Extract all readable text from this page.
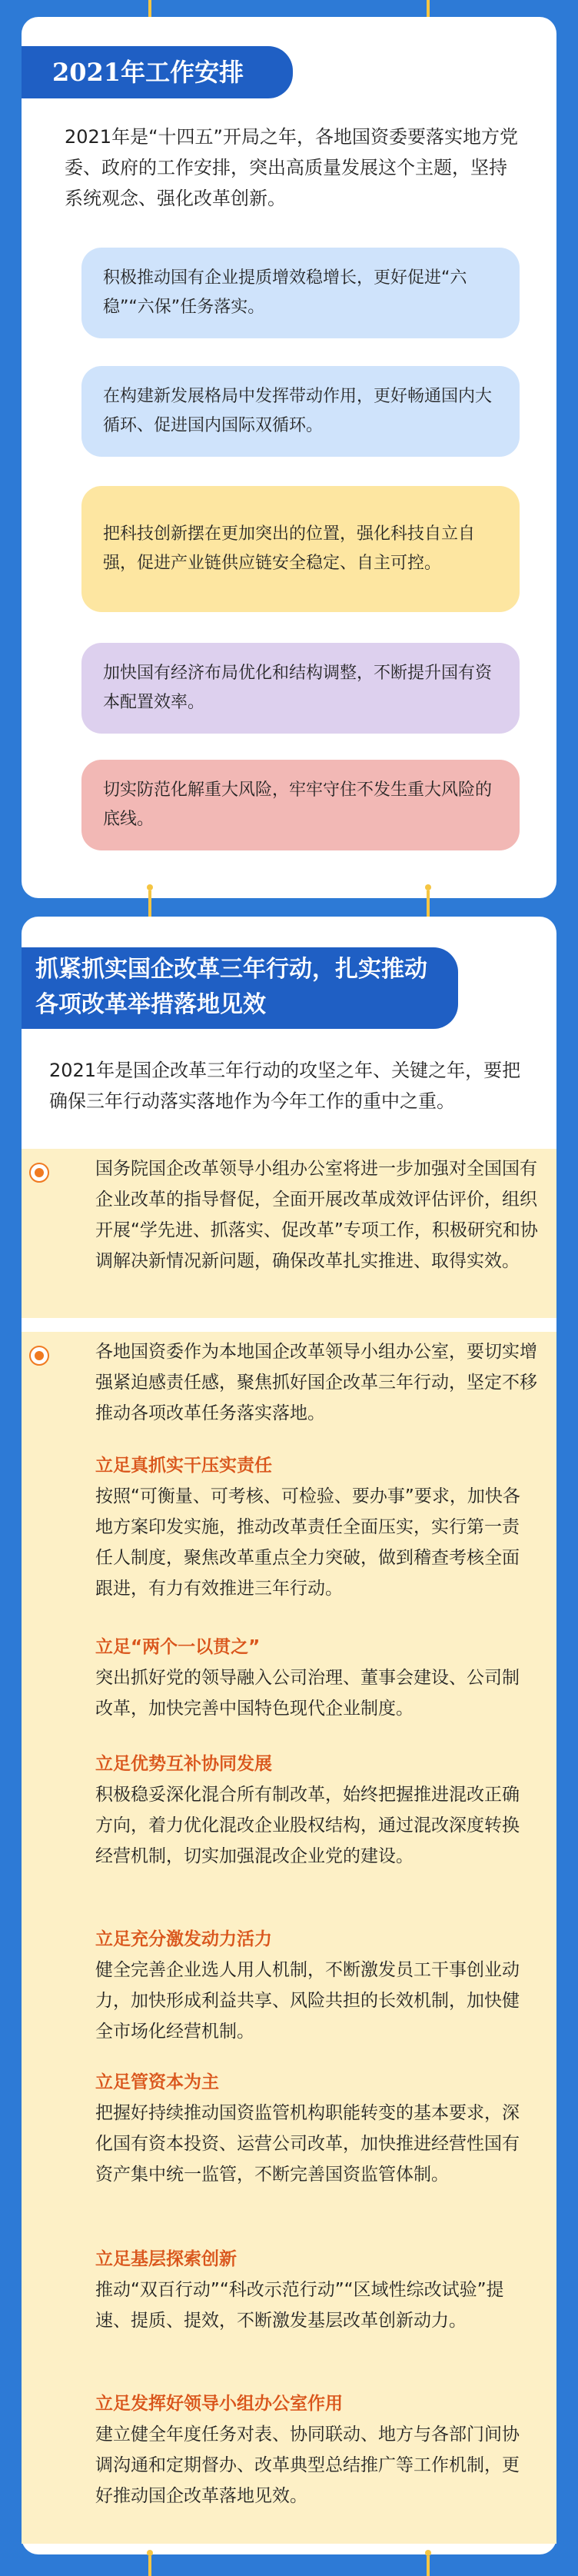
2021年工作安排
2021年是“十四五”开局之年，各地国资委要落实地方党委、政府的工作安排，突出高质量发展这个主题，坚持系统观念、强化改革创新。

积极推动国有企业提质增效稳增长，更好促进“六稳”“六保”任务落实。

在构建新发展格局中发挥带动作用，更好畅通国内大循环、促进国内国际双循环。

把科技创新摆在更加突出的位置，强化科技自立自强，促进产业链供应链安全稳定、自主可控。

加快国有经济布局优化和结构调整，不断提升国有资本配置效率。

切实防范化解重大风险，牢牢守住不发生重大风险的底线。

抓紧抓实国企改革三年行动，扎实推动
各项改革举措落地见效
2021年是国企改革三年行动的攻坚之年、关键之年，要把确保三年行动落实落地作为今年工作的重中之重。
国务院国企改革领导小组办公室将进一步加强对全国国有企业改革的指导督促，全面开展改革成效评估评价，组织开展“学先进、抓落实、促改革”专项工作，积极研究和协调解决新情况新问题，确保改革扎实推进、取得实效。
各地国资委作为本地国企改革领导小组办公室，要切实增强紧迫感责任感，聚焦抓好国企改革三年行动，坚定不移推动各项改革任务落实落地。
立足真抓实干压实责任
按照“可衡量、可考核、可检验、要办事”要求，加快各地方案印发实施，推动改革责任全面压实，实行第一责任人制度，聚焦改革重点全力突破，做到稽查考核全面跟进，有力有效推进三年行动。
立足“两个一以贯之”
突出抓好党的领导融入公司治理、董事会建设、公司制改革，加快完善中国特色现代企业制度。
立足优势互补协同发展
积极稳妥深化混合所有制改革，始终把握推进混改正确方向，着力优化混改企业股权结构，通过混改深度转换经营机制，切实加强混改企业党的建设。
立足充分激发动力活力
健全完善企业选人用人机制，不断激发员工干事创业动力，加快形成利益共享、风险共担的长效机制，加快健全市场化经营机制。
立足管资本为主
把握好持续推动国资监管机构职能转变的基本要求，深化国有资本投资、运营公司改革，加快推进经营性国有资产集中统一监管，不断完善国资监管体制。
立足基层探索创新
推动“双百行动”“科改示范行动”“区域性综改试验”提速、提质、提效，不断激发基层改革创新动力。
立足发挥好领导小组办公室作用
建立健全年度任务对表、协同联动、地方与各部门间协调沟通和定期督办、改革典型总结推广等工作机制，更好推动国企改革落地见效。
